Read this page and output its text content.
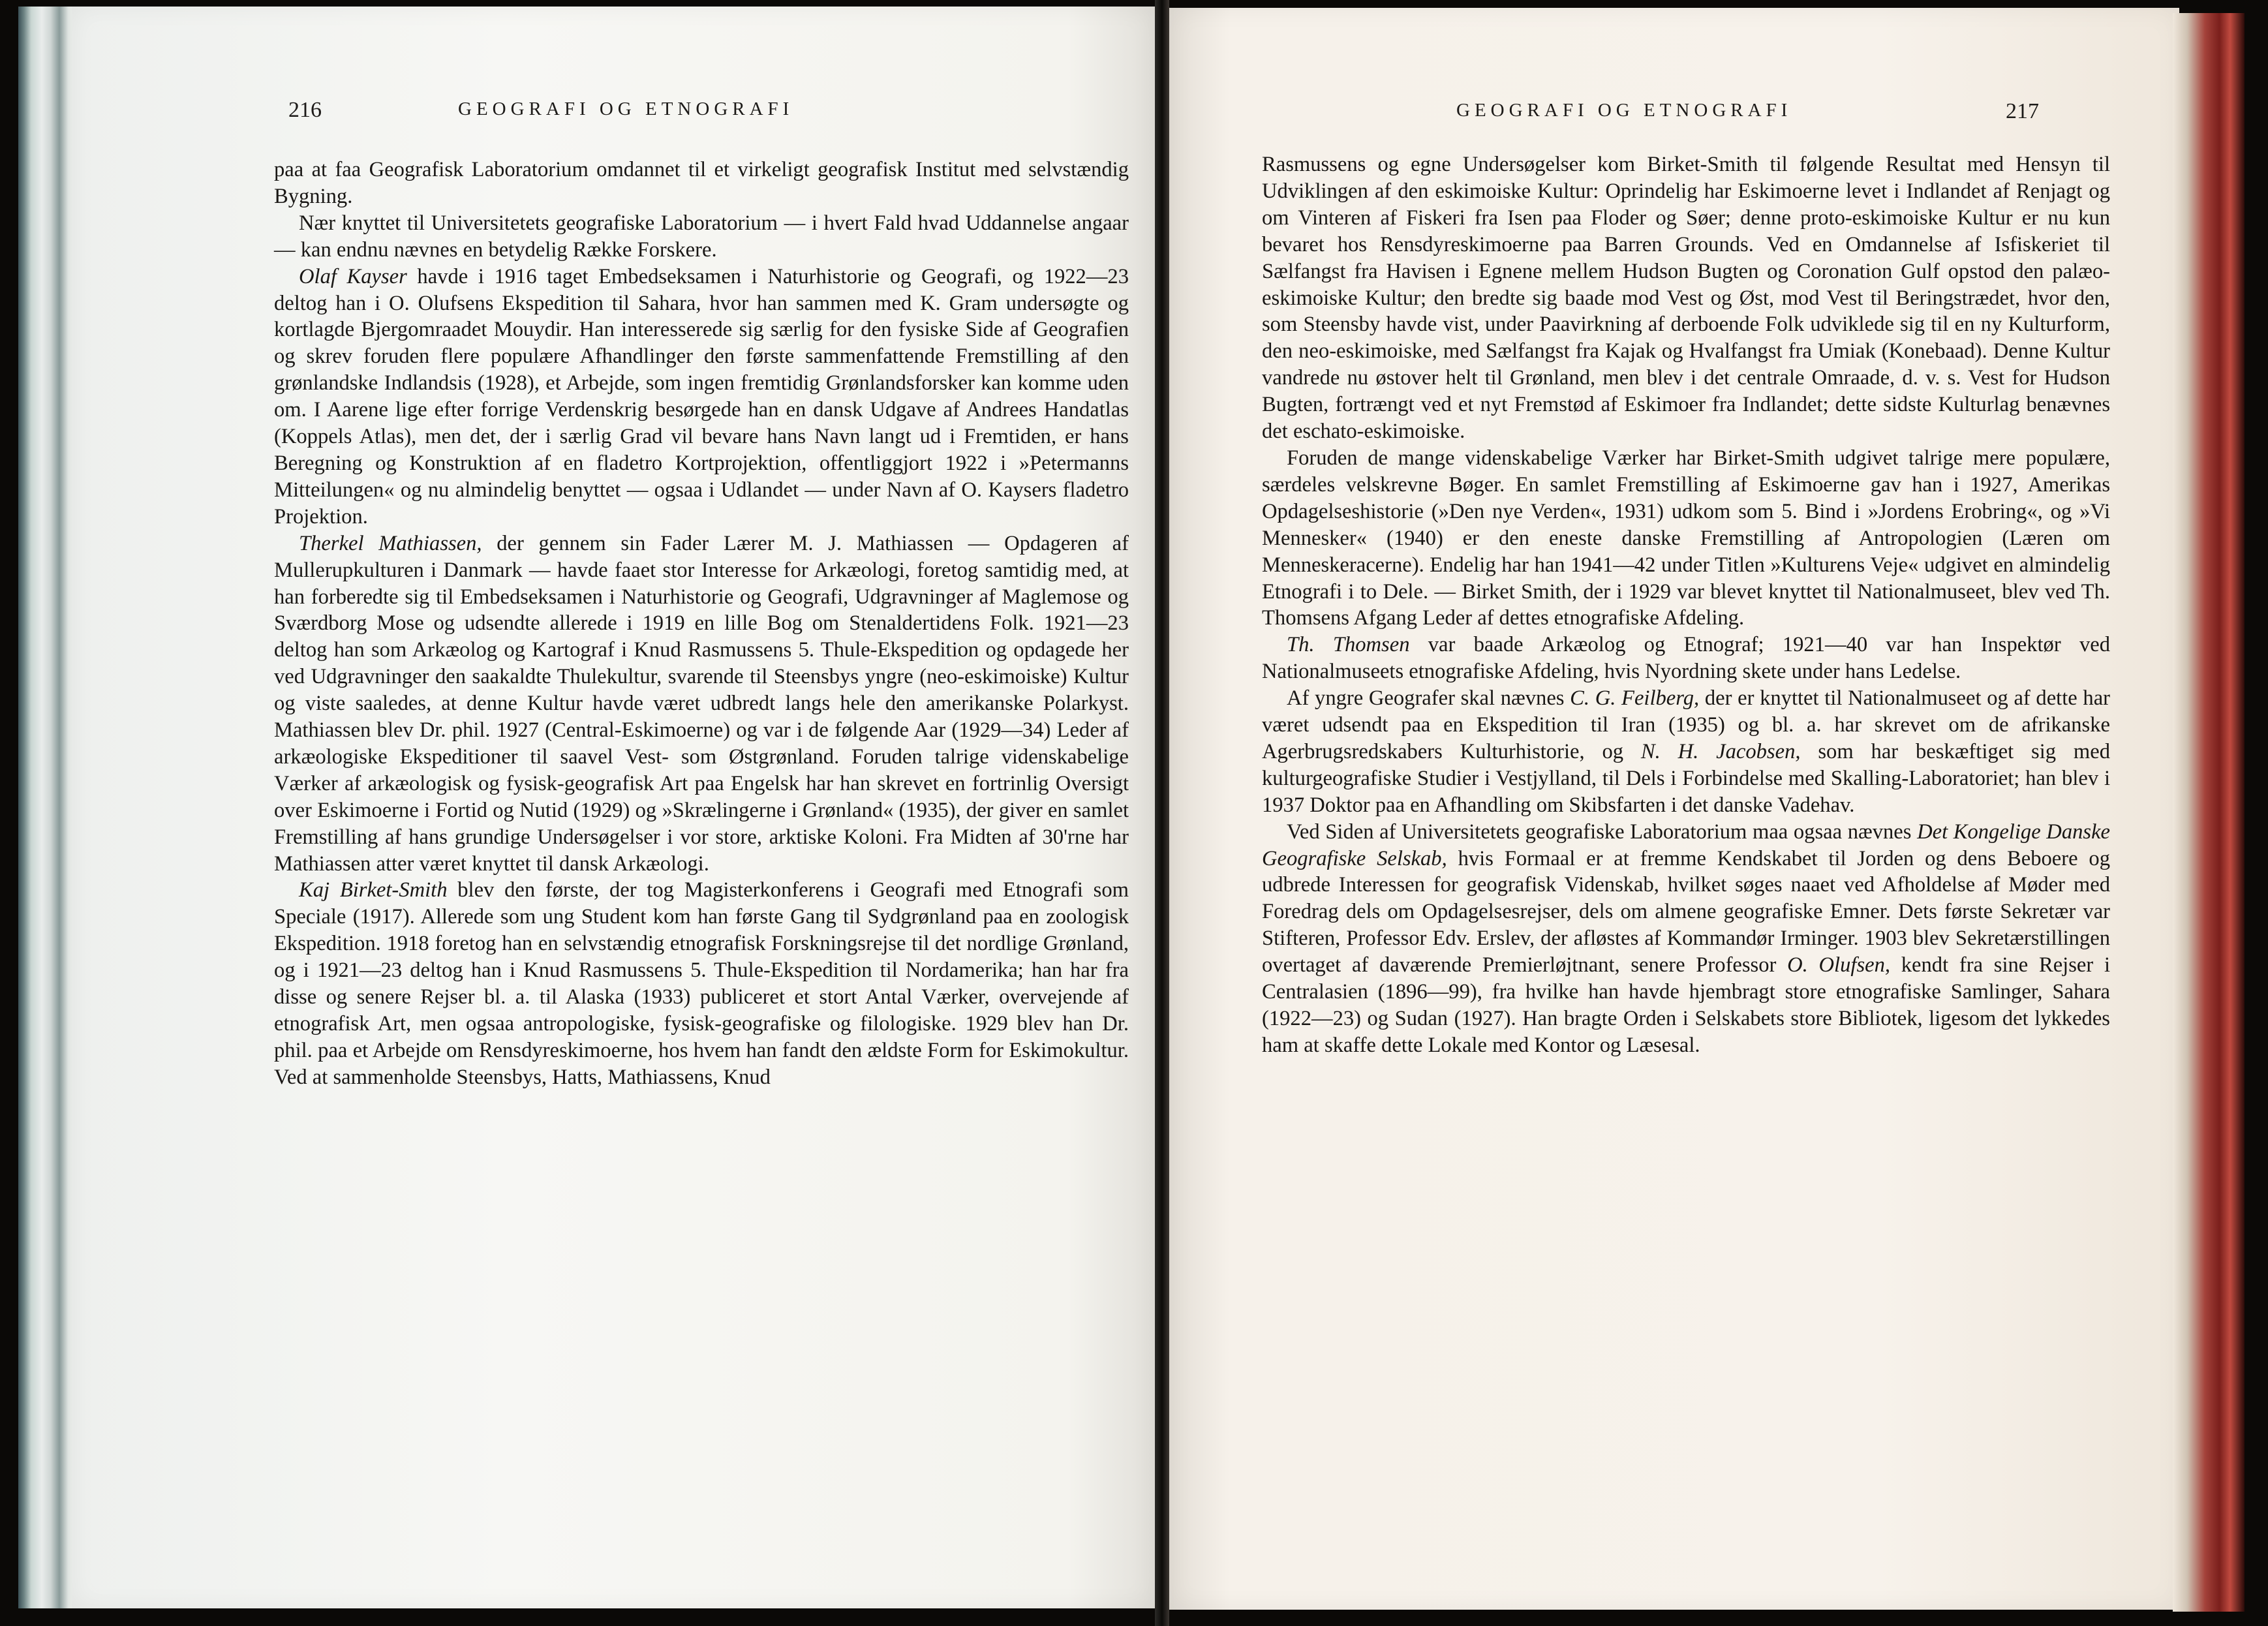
216	GEOGRAFI OG ETNOGRAFI

paa at faa Geografisk Laboratorium omdannet til et virkeligt geografisk Institut med selvstændig Bygning.

Nær knyttet til Universitetets geografiske Laboratorium — i hvert Fald hvad Uddannelse angaar — kan endnu nævnes en betydelig Række Forskere.

Olaf Kayser havde i 1916 taget Embedseksamen i Naturhistorie og Geografi, og 1922—23 deltog han i O. Olufsens Ekspedition til Sahara, hvor han sammen med K. Gram undersøgte og kortlagde Bjergomraadet Mouydir. Han interesserede sig særlig for den fysiske Side af Geografien og skrev foruden flere populære Afhandlinger den første sammenfattende Fremstilling af den grønlandske Indlandsis (1928), et Arbejde, som ingen fremtidig Grønlandsforsker kan komme uden om. I Aarene lige efter forrige Verdenskrig besørgede han en dansk Udgave af Andrees Handatlas (Koppels Atlas), men det, der i særlig Grad vil bevare hans Navn langt ud i Fremtiden, er hans Beregning og Konstruktion af en fladetro Kortprojektion, offentliggjort 1922 i »Petermanns Mitteilungen« og nu almindelig benyttet — ogsaa i Udlandet — under Navn af O. Kaysers fladetro Projektion.

Therkel Mathiassen, der gennem sin Fader Lærer M. J. Mathiassen — Opdageren af Mullerupkulturen i Danmark — havde faaet stor Interesse for Arkæologi, foretog samtidig med, at han forberedte sig til Embedseksamen i Naturhistorie og Geografi, Udgravninger af Maglemose og Sværdborg Mose og udsendte allerede i 1919 en lille Bog om Stenaldertidens Folk. 1921—23 deltog han som Arkæolog og Kartograf i Knud Rasmussens 5. Thule-Ekspedition og opdagede her ved Udgravninger den saakaldte Thulekultur, svarende til Steensbys yngre (neo-eskimoiske) Kultur og viste saaledes, at denne Kultur havde været udbredt langs hele den amerikanske Polarkyst. Mathiassen blev Dr. phil. 1927 (Central-Eskimoerne) og var i de følgende Aar (1929—34) Leder af arkæologiske Ekspeditioner til saavel Vest- som Østgrønland. Foruden talrige videnskabelige Værker af arkæologisk og fysisk-geografisk Art paa Engelsk har han skrevet en fortrinlig Oversigt over Eskimoerne i Fortid og Nutid (1929) og »Skrælingerne i Grønland« (1935), der giver en samlet Fremstilling af hans grundige Undersøgelser i vor store, arktiske Koloni. Fra Midten af 30'rne har Mathiassen atter været knyttet til dansk Arkæologi.

Kaj Birket-Smith blev den første, der tog Magisterkonferens i Geografi med Etnografi som Speciale (1917). Allerede som ung Student kom han første Gang til Sydgrønland paa en zoologisk Ekspedition. 1918 foretog han en selvstændig etnografisk Forskningsrejse til det nordlige Grønland, og i 1921—23 deltog han i Knud Rasmussens 5. Thule-Ekspedition til Nordamerika; han har fra disse og senere Rejser bl. a. til Alaska (1933) publiceret et stort Antal Værker, overvejende af etnografisk Art, men ogsaa antropologiske, fysisk-geografiske og filologiske. 1929 blev han Dr. phil. paa et Arbejde om Rensdyreskimoerne, hos hvem han fandt den ældste Form for Eskimokultur. Ved at sammenholde Steensbys, Hatts, Mathiassens, Knud

GEOGRAFI OG ETNOGRAFI	217

Rasmussens og egne Undersøgelser kom Birket-Smith til følgende Resultat med Hensyn til Udviklingen af den eskimoiske Kultur: Oprindelig har Eskimoerne levet i Indlandet af Renjagt og om Vinteren af Fiskeri fra Isen paa Floder og Søer; denne proto-eskimoiske Kultur er nu kun bevaret hos Rensdyreskimoerne paa Barren Grounds. Ved en Omdannelse af Isfiskeriet til Sælfangst fra Havisen i Egnene mellem Hudson Bugten og Coronation Gulf opstod den palæo-eskimoiske Kultur; den bredte sig baade mod Vest og Øst, mod Vest til Beringstrædet, hvor den, som Steensby havde vist, under Paavirkning af derboende Folk udviklede sig til en ny Kulturform, den neo-eskimoiske, med Sælfangst fra Kajak og Hvalfangst fra Umiak (Konebaad). Denne Kultur vandrede nu østover helt til Grønland, men blev i det centrale Omraade, d. v. s. Vest for Hudson Bugten, fortrængt ved et nyt Fremstød af Eskimoer fra Indlandet; dette sidste Kulturlag benævnes det eschato-eskimoiske.

Foruden de mange videnskabelige Værker har Birket-Smith udgivet talrige mere populære, særdeles velskrevne Bøger. En samlet Fremstilling af Eskimoerne gav han i 1927, Amerikas Opdagelseshistorie (»Den nye Verden«, 1931) udkom som 5. Bind i »Jordens Erobring«, og »Vi Mennesker« (1940) er den eneste danske Fremstilling af Antropologien (Læren om Menneskeracerne). Endelig har han 1941—42 under Titlen »Kulturens Veje« udgivet en almindelig Etnografi i to Dele. — Birket Smith, der i 1929 var blevet knyttet til Nationalmuseet, blev ved Th. Thomsens Afgang Leder af dettes etnografiske Afdeling.

Th. Thomsen var baade Arkæolog og Etnograf; 1921—40 var han Inspektør ved Nationalmuseets etnografiske Afdeling, hvis Nyordning skete under hans Ledelse.

Af yngre Geografer skal nævnes C. G. Feilberg, der er knyttet til Nationalmuseet og af dette har været udsendt paa en Ekspedition til Iran (1935) og bl. a. har skrevet om de afrikanske Agerbrugsredskabers Kulturhistorie, og N. H. Jacobsen, som har beskæftiget sig med kulturgeografiske Studier i Vestjylland, til Dels i Forbindelse med Skalling-Laboratoriet; han blev i 1937 Doktor paa en Afhandling om Skibsfarten i det danske Vadehav.

Ved Siden af Universitetets geografiske Laboratorium maa ogsaa nævnes Det Kongelige Danske Geografiske Selskab, hvis Formaal er at fremme Kendskabet til Jorden og dens Beboere og udbrede Interessen for geografisk Videnskab, hvilket søges naaet ved Afholdelse af Møder med Foredrag dels om Opdagelsesrejser, dels om almene geografiske Emner. Dets første Sekretær var Stifteren, Professor Edv. Erslev, der afløstes af Kommandør Irminger. 1903 blev Sekretærstillingen overtaget af daværende Premierløjtnant, senere Professor O. Olufsen, kendt fra sine Rejser i Centralasien (1896—99), fra hvilke han havde hjembragt store etnografiske Samlinger, Sahara (1922—23) og Sudan (1927). Han bragte Orden i Selskabets store Bibliotek, ligesom det lykkedes ham at skaffe dette Lokale med Kontor og Læsesal.
